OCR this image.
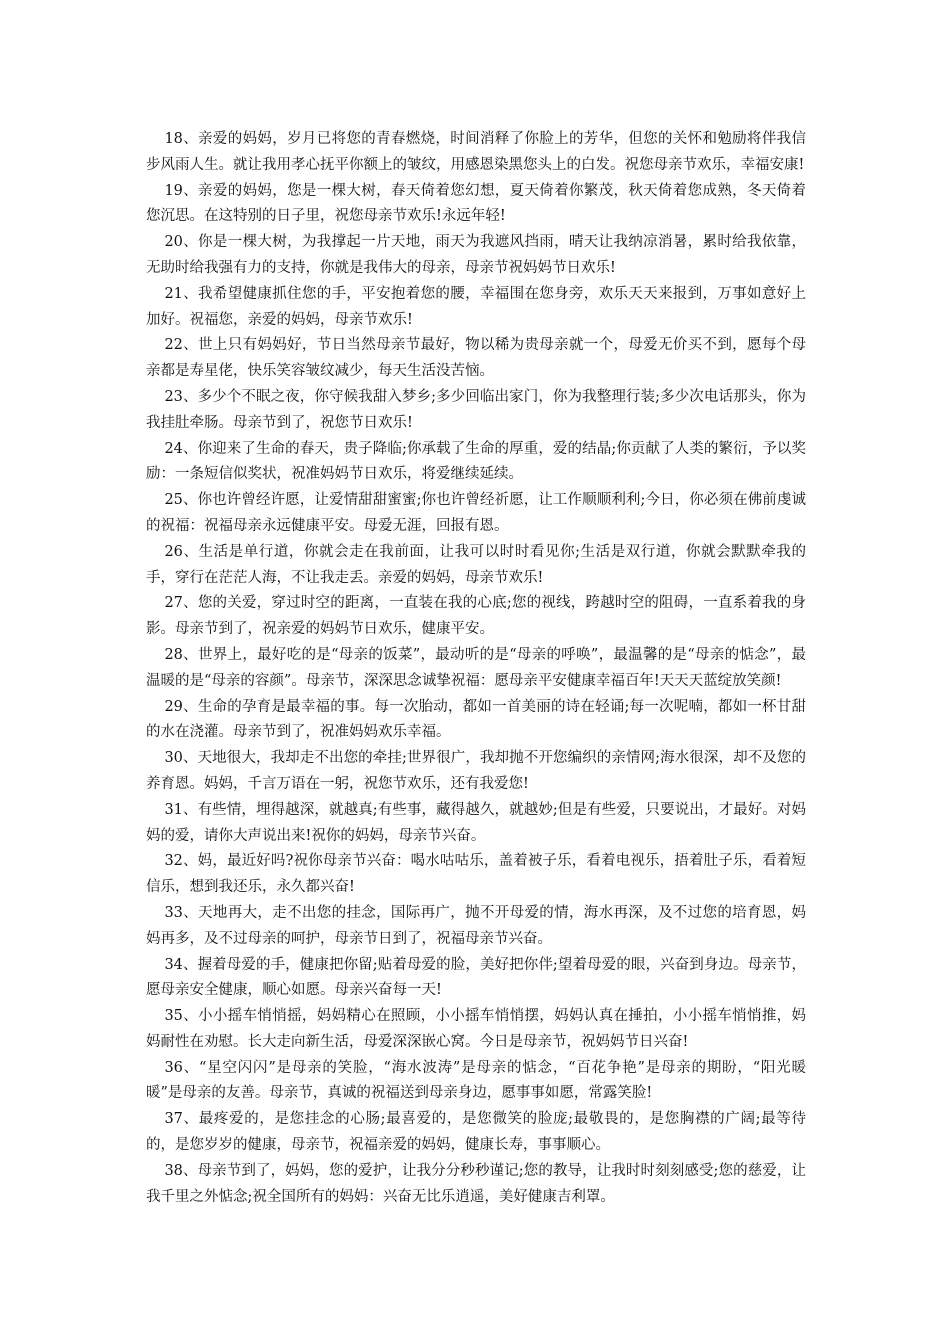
18、亲爱的妈妈，岁月已将您的青春燃烧，时间消释了你脸上的芳华，但您的关怀和勉励将伴我信步风雨人生。就让我用孝心抚平你额上的皱纹，用感恩染黑您头上的白发。祝您母亲节欢乐，幸福安康!

19、亲爱的妈妈，您是一棵大树，春天倚着您幻想，夏天倚着你繁茂，秋天倚着您成熟，冬天倚着您沉思。在这特别的日子里，祝您母亲节欢乐!永远年轻!

20、你是一棵大树，为我撑起一片天地，雨天为我遮风挡雨，晴天让我纳凉消暑，累时给我依靠，无助时给我强有力的支持，你就是我伟大的母亲，母亲节祝妈妈节日欢乐!

21、我希望健康抓住您的手，平安抱着您的腰，幸福围在您身旁，欢乐天天来报到，万事如意好上加好。祝福您，亲爱的妈妈，母亲节欢乐!

22、世上只有妈妈好，节日当然母亲节最好，物以稀为贵母亲就一个，母爱无价买不到，愿每个母亲都是寿星佬，快乐笑容皱纹减少，每天生活没苦恼。

23、多少个不眠之夜，你守候我甜入梦乡;多少回临出家门，你为我整理行装;多少次电话那头，你为我挂肚牵肠。母亲节到了，祝您节日欢乐!

24、你迎来了生命的春天，贵子降临;你承载了生命的厚重，爱的结晶;你贡献了人类的繁衍，予以奖励：一条短信似奖状，祝准妈妈节日欢乐，将爱继续延续。

25、你也许曾经许愿，让爱情甜甜蜜蜜;你也许曾经祈愿，让工作顺顺利利;今日，你必须在佛前虔诚的祝福：祝福母亲永远健康平安。母爱无涯，回报有恩。

26、生活是单行道，你就会走在我前面，让我可以时时看见你;生活是双行道，你就会默默牵我的手，穿行在茫茫人海，不让我走丢。亲爱的妈妈，母亲节欢乐!

27、您的关爱，穿过时空的距离，一直装在我的心底;您的视线，跨越时空的阻碍，一直系着我的身影。母亲节到了，祝亲爱的妈妈节日欢乐，健康平安。

28、世界上，最好吃的是“母亲的饭菜”，最动听的是“母亲的呼唤”，最温馨的是“母亲的惦念”，最温暖的是“母亲的容颜”。母亲节，深深思念诚挚祝福：愿母亲平安健康幸福百年!天天天蓝绽放笑颜!

29、生命的孕育是最幸福的事。每一次胎动，都如一首美丽的诗在轻诵;每一次呢喃，都如一杯甘甜的水在浇灌。母亲节到了，祝准妈妈欢乐幸福。

30、天地很大，我却走不出您的牵挂;世界很广，我却抛不开您编织的亲情网;海水很深，却不及您的养育恩。妈妈，千言万语在一躬，祝您节欢乐，还有我爱您!

31、有些情，埋得越深，就越真;有些事，藏得越久，就越妙;但是有些爱，只要说出，才最好。对妈妈的爱，请你大声说出来!祝你的妈妈，母亲节兴奋。

32、妈，最近好吗?祝你母亲节兴奋：喝水咕咕乐，盖着被子乐，看着电视乐，捂着肚子乐，看着短信乐，想到我还乐，永久都兴奋!

33、天地再大，走不出您的挂念，国际再广，抛不开母爱的情，海水再深，及不过您的培育恩，妈妈再多，及不过母亲的呵护，母亲节日到了，祝福母亲节兴奋。

34、握着母爱的手，健康把你留;贴着母爱的脸，美好把你伴;望着母爱的眼，兴奋到身边。母亲节，愿母亲安全健康，顺心如愿。母亲兴奋每一天!

35、小小摇车悄悄摇，妈妈精心在照顾，小小摇车悄悄摆，妈妈认真在捶拍，小小摇车悄悄推，妈妈耐性在劝慰。长大走向新生活，母爱深深嵌心窝。今日是母亲节，祝妈妈节日兴奋!

36、“星空闪闪”是母亲的笑脸，“海水波涛”是母亲的惦念，“百花争艳”是母亲的期盼，“阳光暖暖”是母亲的友善。母亲节，真诚的祝福送到母亲身边，愿事事如愿，常露笑脸!

37、最疼爱的，是您挂念的心肠;最喜爱的，是您微笑的脸庞;最敬畏的，是您胸襟的广阔;最等待的，是您岁岁的健康，母亲节，祝福亲爱的妈妈，健康长寿，事事顺心。

38、母亲节到了，妈妈，您的爱护，让我分分秒秒谨记;您的教导，让我时时刻刻感受;您的慈爱，让我千里之外惦念;祝全国所有的妈妈：兴奋无比乐逍遥，美好健康吉利罩。
